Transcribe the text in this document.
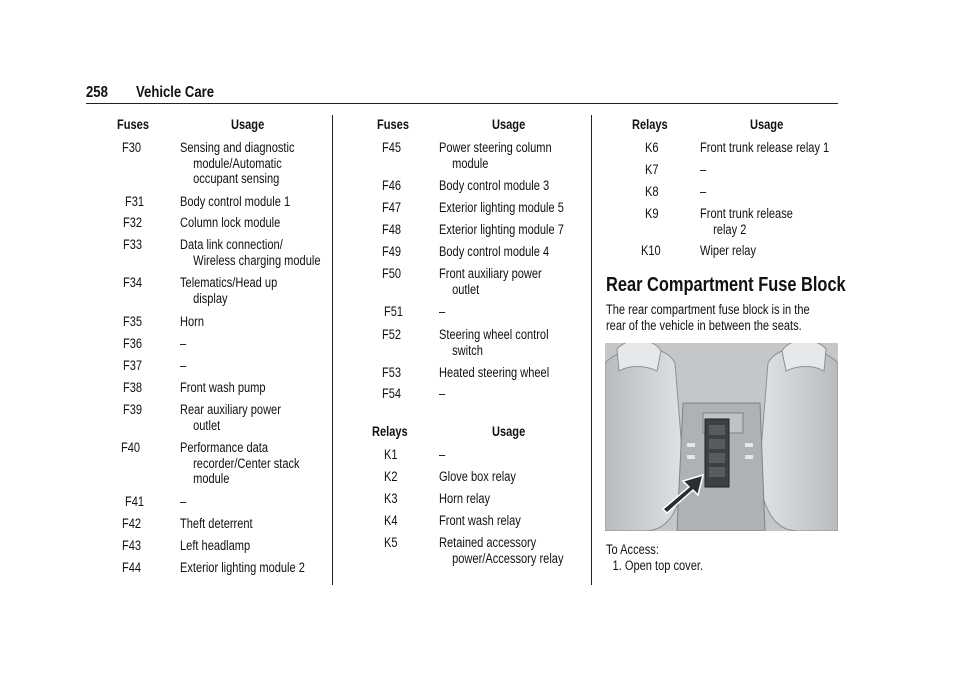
258 Vehicle Care
Fuses	Usage
F30	Sensing and diagnostic
module/Automatic
occupant sensing
F31	Body control module 1
F32	Column lock module
F33	Data link connection/
Wireless charging module
F34	Telematics/Head up
display
F35	Horn
F36	–
F37	–
F38	Front wash pump
F39	Rear auxiliary power
outlet
F40	Performance data
recorder/Center stack
module
F41	–
F42	Theft deterrent
F43	Left headlamp
F44	Exterior lighting module 2
Fuses	Usage
F45	Power steering column
module
F46	Body control module 3
F47	Exterior lighting module 5
F48	Exterior lighting module 7
F49	Body control module 4
F50	Front auxiliary power
outlet
F51	–
F52	Steering wheel control
switch
F53	Heated steering wheel
F54	–
Relays	Usage
K1	–
K2	Glove box relay
K3	Horn relay
K4	Front wash relay
K5	Retained accessory
power/Accessory relay
Relays	Usage
K6	Front trunk release relay 1
K7	–
K8	–
K9	Front trunk release
relay 2
K10	Wiper relay
Rear Compartment Fuse Block
The rear compartment fuse block is in the
rear of the vehicle in between the seats.
To Access:
1. Open top cover.
